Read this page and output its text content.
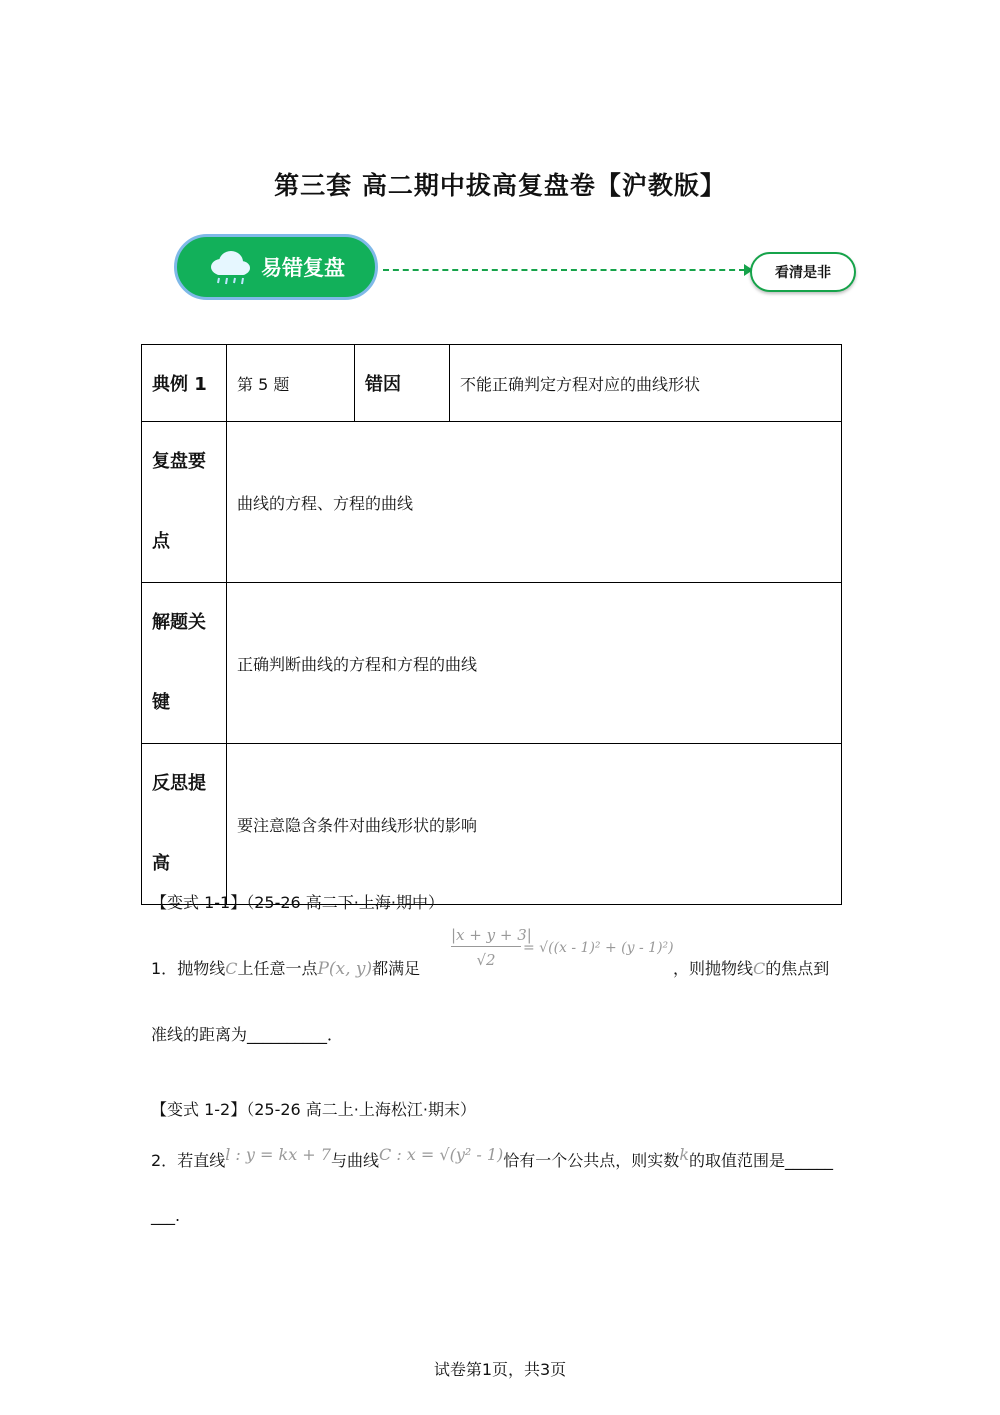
第三套 高二期中拔高复盘卷【沪教版】
易错复盘	看清是非
典例 1	第 5 题	错因	不能正确判定方程对应的曲线形状
复盘要
点	曲线的方程、方程的曲线		
解题关
键	正确判断曲线的方程和方程的曲线		
反思提
高	要注意隐含条件对曲线形状的影响		
【变式 1-1】（25-26 高二下·上海·期中）
1．抛物线C上任意一点P(x, y)都满足
|x + y + 3|
√2
= √((x - 1)² + (y - 1)²)
，则抛物线C的焦点到
准线的距离为__________．
【变式 1-2】（25-26 高二上·上海松江·期末）
2．若直线l : y = kx + 7与曲线C : x = √(y² - 1)恰有一个公共点，则实数k的取值范围是______
___.
试卷第1页，共3页
